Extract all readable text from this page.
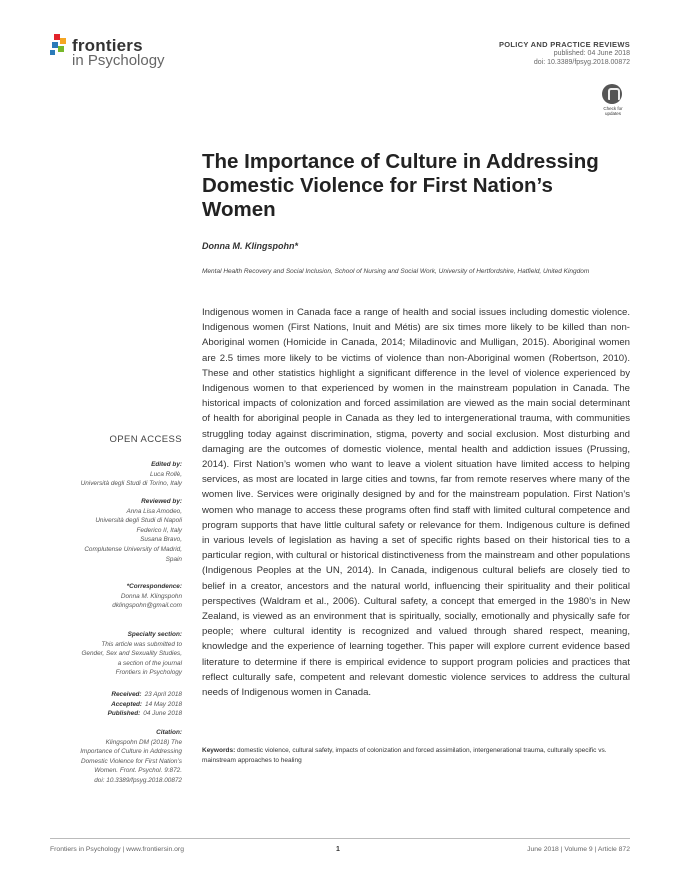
frontiers
in Psychology
POLICY AND PRACTICE REVIEWS
published: 04 June 2018
doi: 10.3389/fpsyg.2018.00872
Check for updates
The Importance of Culture in Addressing Domestic Violence for First Nation’s Women
Donna M. Klingspohn*
Mental Health Recovery and Social Inclusion, School of Nursing and Social Work, University of Hertfordshire, Hatfield, United Kingdom

Indigenous women in Canada face a range of health and social issues including domestic violence. Indigenous women (First Nations, Inuit and Métis) are six times more likely to be killed than non-Aboriginal women (Homicide in Canada, 2014; Miladinovic and Mulligan, 2015). Aboriginal women are 2.5 times more likely to be victims of violence than non-Aboriginal women (Robertson, 2010). These and other statistics highlight a significant difference in the level of violence experienced by Indigenous women to that experienced by women in the mainstream population in Canada. The historical impacts of colonization and forced assimilation are viewed as the main social determinant of health for aboriginal people in Canada as they led to intergenerational trauma, with communities struggling today against discrimination, stigma, poverty and social exclusion. Most disturbing and damaging are the outcomes of domestic violence, mental health and addiction issues (Prussing, 2014). First Nation’s women who want to leave a violent situation have limited access to helping services, as most are located in large cities and towns, far from remote reserves where many of the women live. Services were originally designed by and for the mainstream population. First Nation’s women who manage to access these programs often find staff with limited cultural competence and program supports that have little cultural safety or relevance for them. Indigenous culture is defined in various levels of legislation as having a set of specific rights based on their historical ties to a particular region, with cultural or historical distinctiveness from the mainstream and other populations (Indigenous Peoples at the UN, 2014). In Canada, indigenous cultural beliefs are closely tied to belief in a creator, ancestors and the natural world, influencing their spirituality and their political perspectives (Waldram et al., 2006). Cultural safety, a concept that emerged in the 1980’s in New Zealand, is viewed as an environment that is spiritually, socially, emotionally and physically safe for people; where cultural identity is recognized and valued through shared respect, meaning, knowledge and the experience of learning together. This paper will explore current evidence based literature to determine if there is empirical evidence to support program policies and practices that reflect culturally safe, competent and relevant domestic violence services to address the cultural needs of Indigenous women in Canada.

Keywords: domestic violence, cultural safety, impacts of colonization and forced assimilation, intergenerational trauma, culturally specific vs. mainstream approaches to healing
OPEN ACCESS
Edited by:
Luca Rollè,
Università degli Studi di Torino, Italy
Reviewed by:
Anna Lisa Amodeo,
Università degli Studi di Napoli
Federico II, Italy
Susana Bravo,
Complutense University of Madrid,
Spain
*Correspondence:
Donna M. Klingspohn
dklingspohn@gmail.com
Specialty section:
This article was submitted to
Gender, Sex and Sexuality Studies,
a section of the journal
Frontiers in Psychology
Received: 23 April 2018
Accepted: 14 May 2018
Published: 04 June 2018
Citation:
Klingspohn DM (2018) The
Importance of Culture in Addressing
Domestic Violence for First Nation’s
Women. Front. Psychol. 9:872.
doi: 10.3389/fpsyg.2018.00872
Frontiers in Psychology | www.frontiersin.org	1	June 2018 | Volume 9 | Article 872
